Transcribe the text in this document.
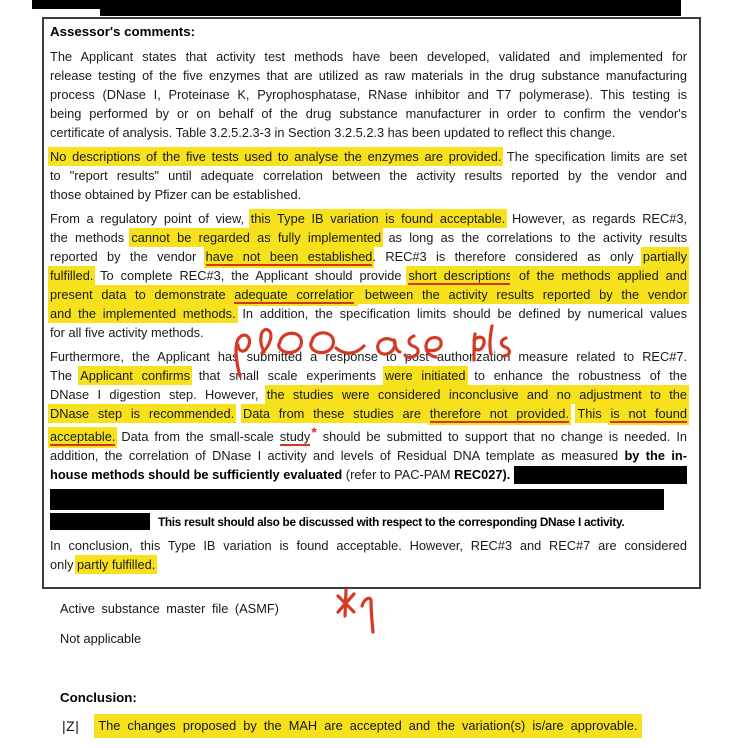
Assessor's comments:
The Applicant states that activity test methods have been developed, validated and implemented for
release testing of the five enzymes that are utilized as raw materials in the drug substance manufacturing
process (DNase I, Proteinase K, Pyrophosphatase, RNase inhibitor and T7 polymerase). This testing is
being performed by or on behalf of the drug substance manufacturer in order to confirm the vendor's
certificate of analysis. Table 3.2.5.2.3-3 in Section 3.2.5.2.3 has been updated to reflect this change.
No descriptions of the five tests used to analyse the enzymes are provided. The specification limits are set
to "report results" until adequate correlation between the activity results reported by the vendor and
those obtained by Pfizer can be established.
From a regulatory point of view, this Type IB variation is found acceptable. However, as regards REC#3,
the methods cannot be regarded as fully implemented as long as the correlations to the activity results
reported by the vendor have not been established. REC#3 is therefore considered as only partially
fulfilled. To complete REC#3, the Applicant should provide short descriptions of the methods applied and
present data to demonstrate adequate correlation between the activity results reported by the vendor
and the implemented methods. In addition, the specification limits should be defined by numerical values
for all five activity methods.
Furthermore, the Applicant has submitted a response to post authorization measure related to REC#7.
The Applicant confirms that small scale experiments were initiated to enhance the robustness of the
DNase I digestion step. However, the studies were considered inconclusive and no adjustment to the
DNase step is recommended. Data from these studies are therefore not provided. This is not found
acceptable. Data from the small-scale study* should be submitted to support that no change is needed. In
addition, the correlation of DNase I activity and levels of Residual DNA template as measured by the in-
house methods should be sufficiently evaluated (refer to PAC-PAM REC027).
This result should also be discussed with respect to the corresponding DNase I activity.
In conclusion, this Type IB variation is found acceptable. However, REC#3 and REC#7 are considered
only partly fulfilled.
Active substance master file (ASMF)
Not applicable
Conclusion:
|Z| The changes proposed by the MAH are accepted and the variation(s) is/are approvable.
